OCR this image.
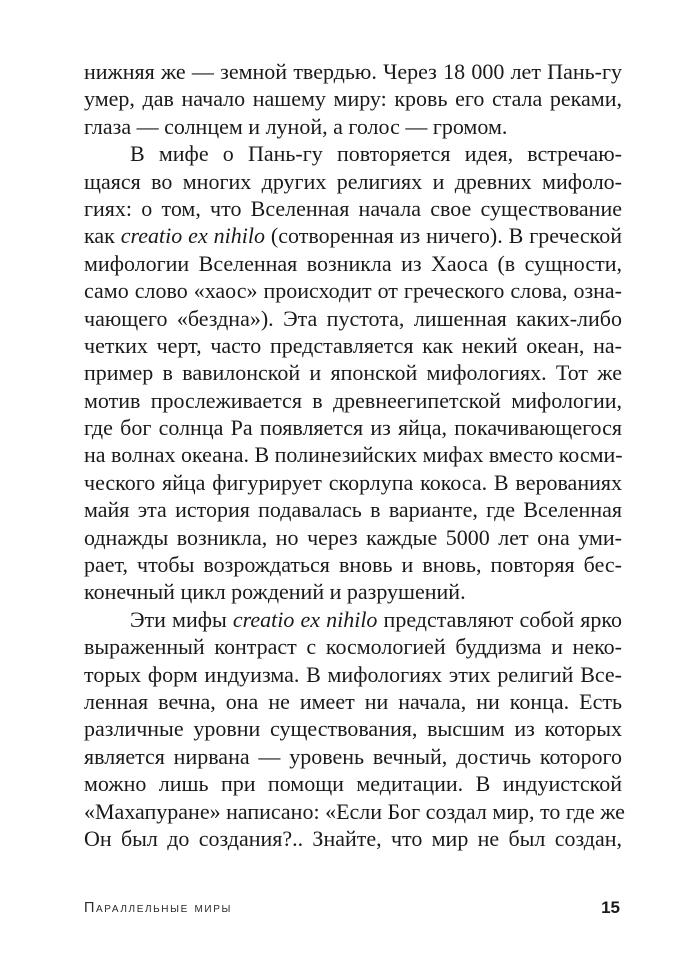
нижняя же — земной твердью. Через 18 000 лет Пань-гу
умер, дав начало нашему миру: кровь его стала реками,
глаза — солнцем и луной, а голос — громом.
В мифе о Пань-гу повторяется идея, встречаю-
щаяся во многих других религиях и древних мифоло-
гиях: о том, что Вселенная начала свое существование
как creatio ex nihilo (сотворенная из ничего). В греческой
мифологии Вселенная возникла из Хаоса (в сущности,
само слово «хаос» происходит от греческого слова, озна-
чающего «бездна»). Эта пустота, лишенная каких-либо
четких черт, часто представляется как некий океан, на-
пример в вавилонской и японской мифологиях. Тот же
мотив прослеживается в древнеегипетской мифологии,
где бог солнца Ра появляется из яйца, покачивающегося
на волнах океана. В полинезийских мифах вместо косми-
ческого яйца фигурирует скорлупа кокоса. В верованиях
майя эта история подавалась в варианте, где Вселенная
однажды возникла, но через каждые 5000 лет она уми-
рает, чтобы возрождаться вновь и вновь, повторяя бес-
конечный цикл рождений и разрушений.
Эти мифы creatio ex nihilo представляют собой ярко
выраженный контраст с космологией буддизма и неко-
торых форм индуизма. В мифологиях этих религий Все-
ленная вечна, она не имеет ни начала, ни конца. Есть
различные уровни существования, высшим из которых
является нирвана — уровень вечный, достичь которого
можно лишь при помощи медитации. В индуистской
«Махапуране» написано: «Если Бог создал мир, то где же
Он был до создания?.. Знайте, что мир не был создан,
Параллельные миры	15
